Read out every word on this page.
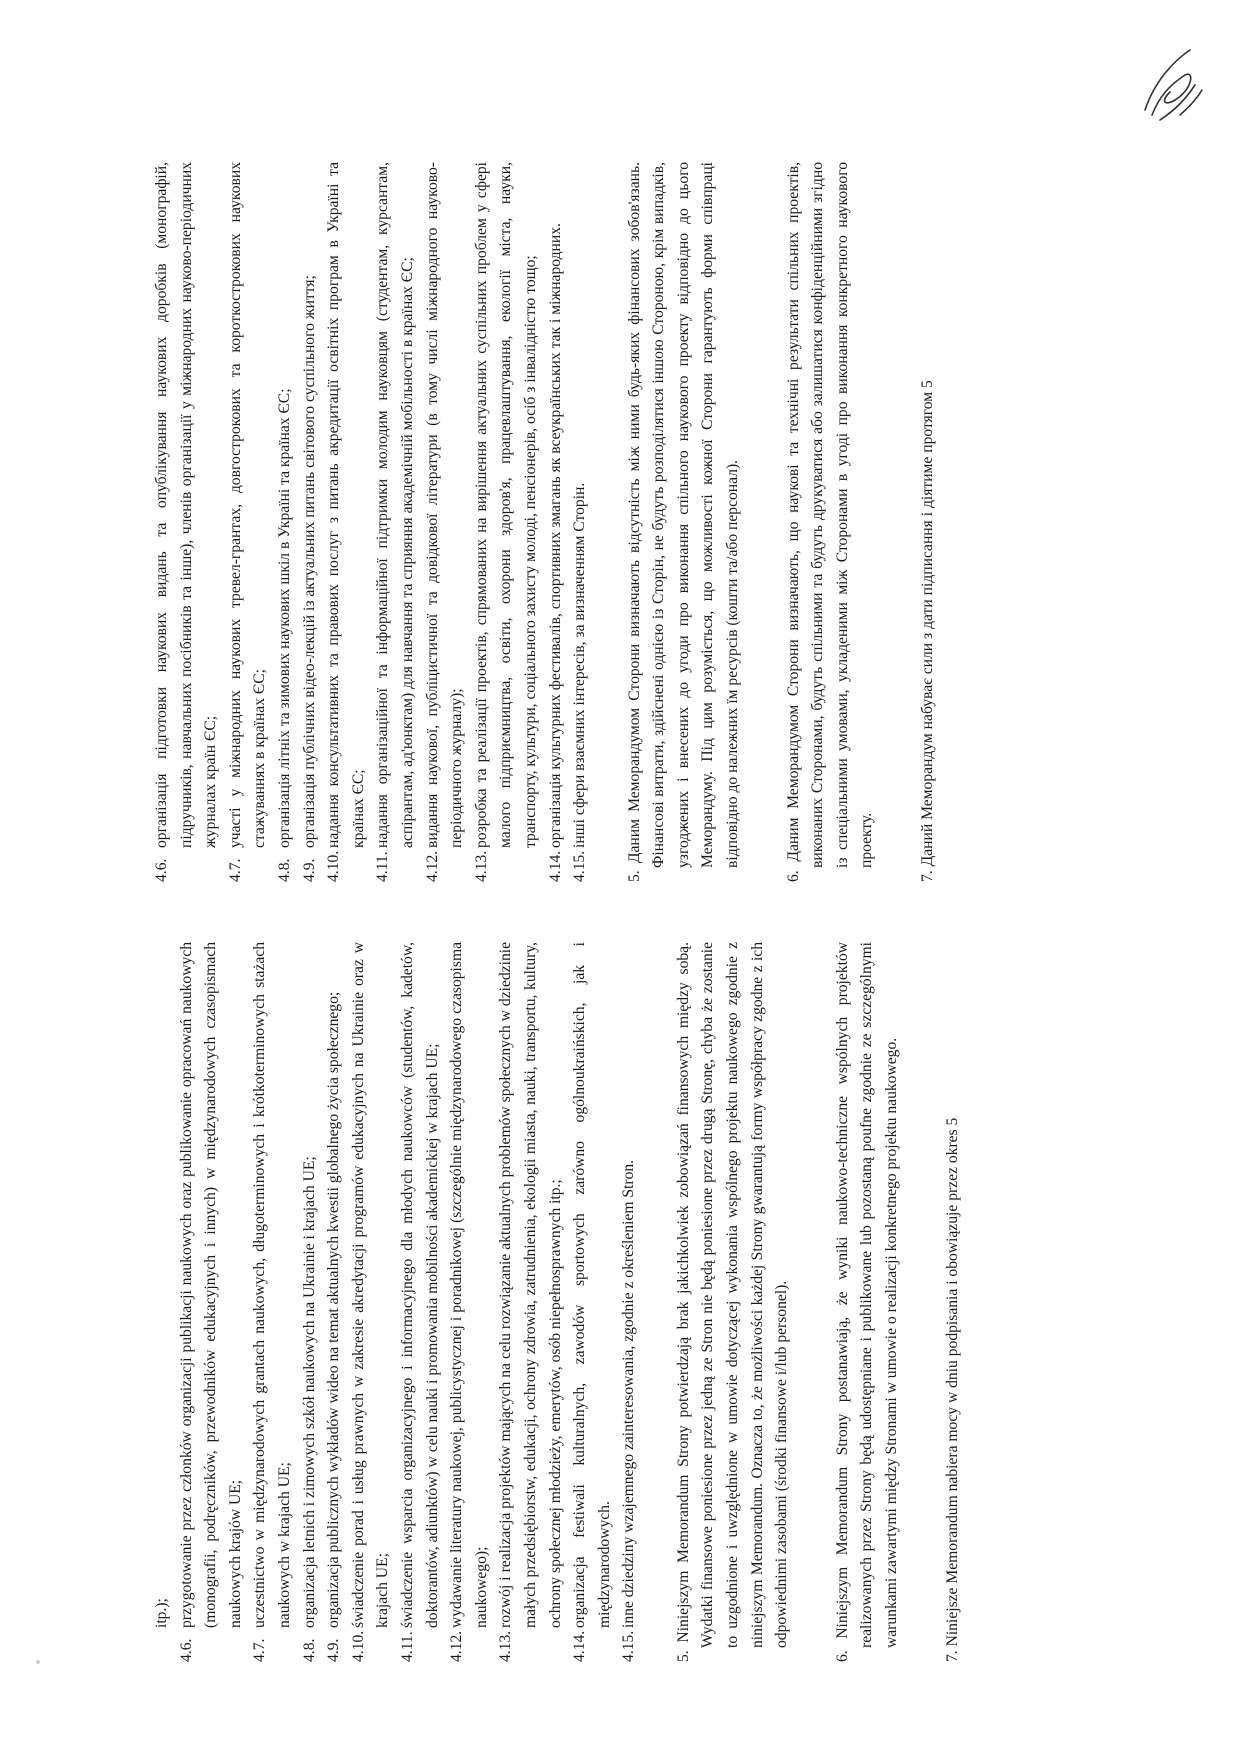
itp.);

4.6.przygotowanie przez członków organizacji publikacji naukowych oraz publikowanie opracowań naukowych (monografii, podręczników, przewodników edukacyjnych i innych) w międzynarodowych czasopismach naukowych krajów UE;

4.7.uczestnictwo w międzynarodowych grantach naukowych, długoterminowych i krótkoterminowych stażach naukowych w krajach UE;

4.8.organizacja letnich i zimowych szkół naukowych na Ukrainie i krajach UE;

4.9.organizacja publicznych wykładów wideo na temat aktualnych kwestii globalnego życia społecznego;

4.10.świadczenie porad i usług prawnych w zakresie akredytacji programów edukacyjnych na Ukrainie oraz w krajach UE;

4.11.świadczenie wsparcia organizacyjnego i informacyjnego dla młodych naukowców (studentów, kadetów, doktorantów, adiunktów) w celu nauki i promowania mobilności akademickiej w krajach UE;

4.12.wydawanie literatury naukowej, publicystycznej i poradnikowej (szczególnie międzynarodowego czasopisma naukowego);

4.13.rozwój i realizacja projektów mających na celu rozwiązanie aktualnych problemów społecznych w dziedzinie małych przedsiębiorstw, edukacji, ochrony zdrowia, zatrudnienia, ekologii miasta, nauki, transportu, kultury, ochrony społecznej młodzieży, emerytów, osób niepełnosprawnych itp.;

4.14.organizacja festiwali kulturalnych, zawodów sportowych zarówno ogólnoukraińskich, jak i międzynarodowych.

4.15.inne dziedziny wzajemnego zainteresowania, zgodnie z określeniem Stron. 5. Niniejszym Memorandum Strony potwierdzają brak jakichkolwiek zobowiązań finansowych między sobą. Wydatki finansowe poniesione przez jedną ze Stron nie będą poniesione przez drugą Stronę, chyba że zostanie to uzgodnione i uwzględnione w umowie dotyczącej wykonania wspólnego projektu naukowego zgodnie z niniejszym Memorandum. Oznacza to, że możliwości każdej Strony gwarantują formy współpracy zgodne z ich odpowiednimi zasobami (środki finansowe i/lub personel).	6. Niniejszym Memorandum Strony postanawiają, że wyniki naukowo-techniczne wspólnych projektów realizowanych przez Strony będą udostępniane i publikowane lub pozostaną poufne zgodnie ze szczególnymi warunkami zawartymi między Stronami w umowie o realizacji konkretnego projektu naukowego.	7. Niniejsze Memorandum nabiera mocy w dniu podpisania i obowiązuje przez okres 5

4.6.організація підготовки наукових видань та опублікування наукових доробків (монографій, підручників, навчальних посібників та інше), членів організації у міжнародних науково-періодичних журналах країн ЄС;

4.7.участі у міжнародних наукових тревел-грантах, довгострокових та короткострокових наукових стажуваннях в країнах ЄС;

4.8.організація літніх та зимових наукових шкіл в Україні та країнах ЄС;

4.9.організація публічних відео-лекцій із актуальних питань світового суспільного життя;

4.10.надання консультативних та правових послуг з питань акредитації освітніх програм в Україні та країнах ЄС;

4.11.надання організаційної та інформаційної підтримки молодим науковцям (студентам, курсантам, аспірантам, ад'юнктам) для навчання та сприяння академічній мобільності в країнах ЄС;

4.12.видання наукової, публіцистичної та довідкової літератури (в тому числі міжнародного науково-періодичного журналу);

4.13.розробка та реалізації проектів, спрямованих на вирішення актуальних суспільних проблем у сфері малого підприємництва, освіти, охорони здоров'я, працевлаштування, екології міста, науки, транспорту, культури, соціального захисту молоді, пенсіонерів, осіб з інвалідністю тощо;

4.14.організація культурних фестивалів, спортивних змагань як всеукраїнських так і міжнародних.

4.15.інші сфери взаємних інтересів, за визначенням Сторін. 5. Даним Меморандумом Сторони визначають відсутність між ними будь-яких фінансових зобов'язань. Фінансові витрати, здійснені однією із Сторін, не будуть розподілятися іншою Стороною, крім випадків, узгоджених і внесених до угоди про виконання спільного наукового проекту відповідно до цього Меморандуму. Під цим розуміється, що можливості кожної Сторони гарантують форми співпраці відповідно до належних їм ресурсів (кошти та/або персонал).	6. Даним Меморандумом Сторони визначають, що наукові та технічні результати спільних проектів, виконаних Сторонами, будуть спільними та будуть друкуватися або залишатися конфіденційними згідно із спеціальними умовами, укладеними між Сторонами в угоді про виконання конкретного наукового проекту.	7. Даний Меморандум набуває сили з дати підписання і діятиме протягом 5
